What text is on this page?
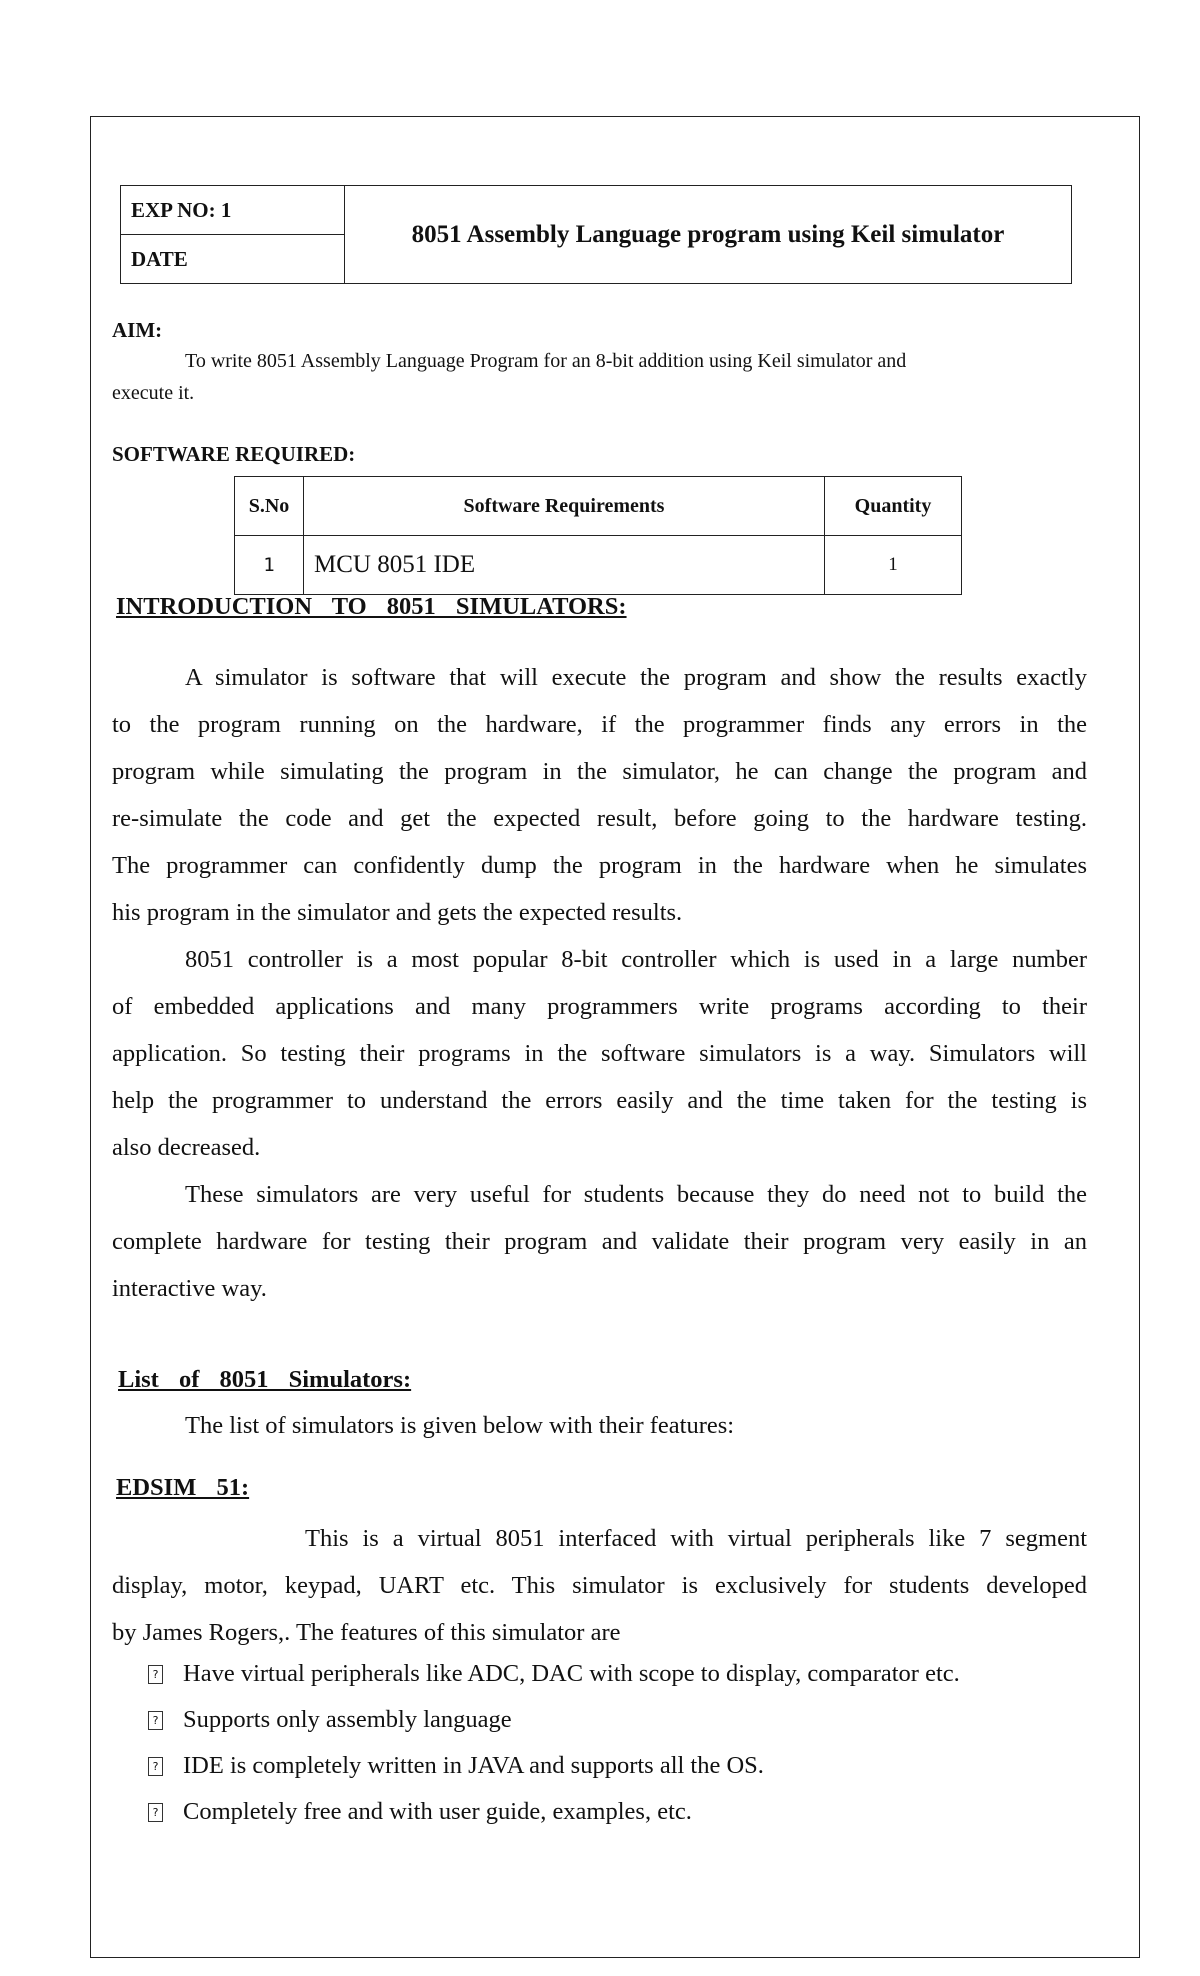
EXP NO: 1	8051 Assembly Language program using Keil simulator
DATE
AIM:
To write 8051 Assembly Language Program for an 8-bit addition using Keil simulator and
execute it.
SOFTWARE REQUIRED:
S.No	Software Requirements	Quantity
1	MCU 8051 IDE	1
INTRODUCTION TO 8051 SIMULATORS:
A simulator is software that will execute the program and show the results exactly
to the program running on the hardware, if the programmer finds any errors in the
program while simulating the program in the simulator, he can change the program and
re-simulate the code and get the expected result, before going to the hardware testing.
The programmer can confidently dump the program in the hardware when he simulates
his program in the simulator and gets the expected results.
8051 controller is a most popular 8-bit controller which is used in a large number
of embedded applications and many programmers write programs according to their
application. So testing their programs in the software simulators is a way. Simulators will
help the programmer to understand the errors easily and the time taken for the testing is
also decreased.
These simulators are very useful for students because they do need not to build the
complete hardware for testing their program and validate their program very easily in an
interactive way.
List of 8051 Simulators:
The list of simulators is given below with their features:
EDSIM 51:
This is a virtual 8051 interfaced with virtual peripherals like 7 segment
display, motor, keypad, UART etc. This simulator is exclusively for students developed
by James Rogers,. The features of this simulator are
? Have virtual peripherals like ADC, DAC with scope to display, comparator etc.
? Supports only assembly language
? IDE is completely written in JAVA and supports all the OS.
? Completely free and with user guide, examples, etc.
